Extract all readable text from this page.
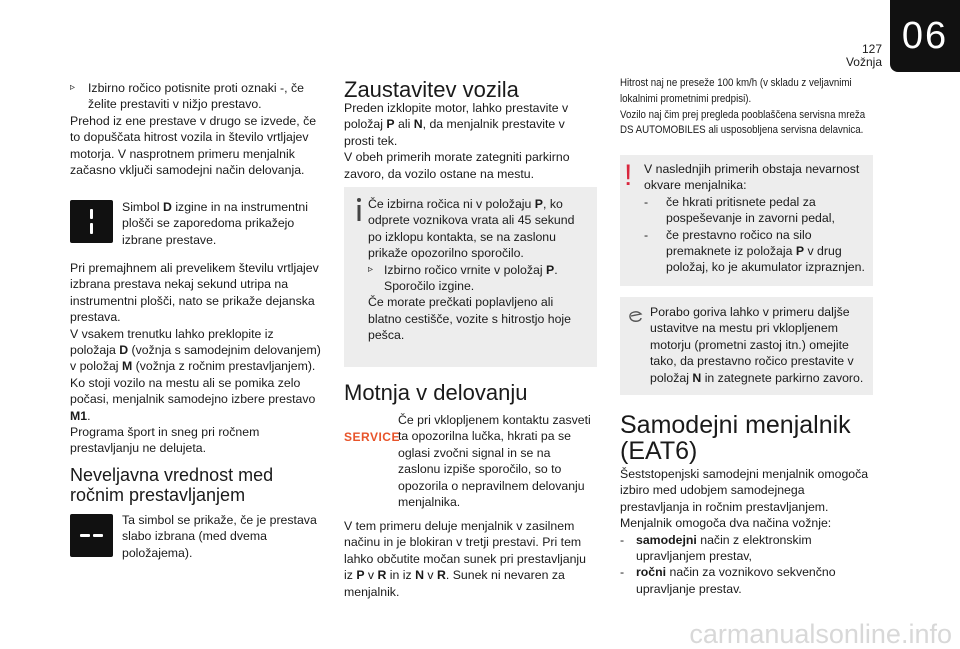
127
Vožnja
06

▹ Izbirno ročico potisnite proti oznaki -, če želite prestaviti v nižjo prestavo.

Prehod iz ene prestave v drugo se izvede, če to dopuščata hitrost vozila in število vrtljajev motorja. V nasprotnem primeru menjalnik začasno vključi samodejni način delovanja.

Simbol D izgine in na instrumentni plošči se zaporedoma prikažejo izbrane prestave.

Pri premajhnem ali prevelikem številu vrtljajev izbrana prestava nekaj sekund utripa na instrumentni plošči, nato se prikaže dejanska prestava.

V vsakem trenutku lahko preklopite iz položaja D (vožnja s samodejnim delovanjem) v položaj M (vožnja z ročnim prestavljanjem).

Ko stoji vozilo na mestu ali se pomika zelo počasi, menjalnik samodejno izbere prestavo M1.

Programa šport in sneg pri ročnem prestavljanju ne delujeta.

Neveljavna vrednost med ročnim prestavljanjem

Ta simbol se prikaže, če je prestava slabo izbrana (med dvema položajema).

Zaustavitev vozila

Preden izklopite motor, lahko prestavite v položaj P ali N, da menjalnik prestavite v prosti tek.

V obeh primerih morate zategniti parkirno zavoro, da vozilo ostane na mestu.

Če izbirna ročica ni v položaju P, ko odprete voznikova vrata ali 45 sekund po izklopu kontakta, se na zaslonu prikaže opozorilno sporočilo.

▹ Izbirno ročico vrnite v položaj P.
Sporočilo izgine.

Če morate prečkati poplavljeno ali blatno cestišče, vozite s hitrostjo hoje pešca.

Motnja v delovanju
SERVICE

Če pri vklopljenem kontaktu zasveti ta opozorilna lučka, hkrati pa se oglasi zvočni signal in se na zaslonu izpiše sporočilo, so to opozorila o nepravilnem delovanju menjalnika.

V tem primeru deluje menjalnik v zasilnem načinu in je blokiran v tretji prestavi. Pri tem lahko občutite močan sunek pri prestavljanju iz P v R in iz N v R. Sunek ni nevaren za menjalnik.

Hitrost naj ne preseže 100 km/h (v skladu z veljavnimi lokalnimi prometnimi predpisi).

Vozilo naj čim prej pregleda pooblaščena servisna mreža DS AUTOMOBILES ali usposobljena servisna delavnica.

! V naslednjih primerih obstaja nevarnost okvare menjalnika:

- če hkrati pritisnete pedal za pospeševanje in zavorni pedal,

- če prestavno ročico na silo premaknete iz položaja P v drug položaj, ko je akumulator izpraznjen.

Porabo goriva lahko v primeru daljše ustavitve na mestu pri vklopljenem motorju (prometni zastoj itn.) omejite tako, da prestavno ročico prestavite v položaj N in zategnete parkirno zavoro.

Samodejni menjalnik (EAT6)

Šeststopenjski samodejni menjalnik omogoča izbiro med udobjem samodejnega prestavljanja in ročnim prestavljanjem.

Menjalnik omogoča dva načina vožnje:

- samodejni način z elektronskim upravljanjem prestav,

- ročni način za voznikovo sekvenčno upravljanje prestav.

carmanualsonline.info
